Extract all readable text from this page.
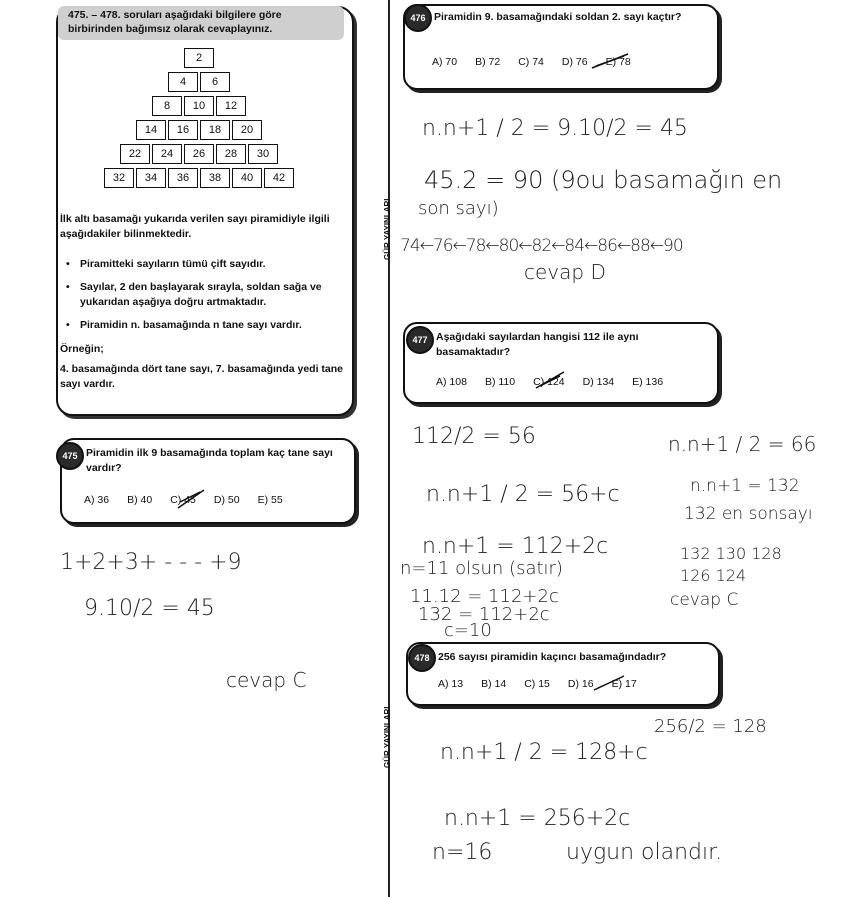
GÜR YAYINLARI
GÜR YAYINLARI
475. – 478. soruları aşağıdaki bilgilere göre birbirinden bağımsız olarak cevaplayınız.
2
4	6
8	10	12
14	16	18	20
22	24	26	28	30
32	34	36	38	40	42
İlk altı basamağı yukarıda verilen sayı piramidiyle ilgili aşağıdakiler bilinmektedir.
• Piramitteki sayıların tümü çift sayıdır.
• Sayılar, 2 den başlayarak sırayla, soldan sağa ve yukarıdan aşağıya doğru artmaktadır.
• Piramidin n. basamağında n tane sayı vardır.
Örneğin;
4. basamağında dört tane sayı, 7. basamağında yedi tane sayı vardır.
475 Piramidin ilk 9 basamağında toplam kaç tane sayı vardır?
A) 36 B) 40 C) 45 D) 50 E) 55
1+2+3+ - - - +9
9.10/2 = 45
cevap C
476 Piramidin 9. basamağındaki soldan 2. sayı kaçtır?
A) 70 B) 72 C) 74 D) 76 E) 78
n.n+1 / 2 = 9.10/2 = 45
45.2 = 90 (9ou basamağın en
son sayı)
74←76←78←80←82←84←86←88←90
cevap D
477 Aşağıdaki sayılardan hangisi 112 ile aynı basamaktadır?
A) 108 B) 110 C) 124 D) 134 E) 136
112/2 = 56
n.n+1 / 2 = 56+c
n.n+1 = 112+2c
n=11 olsun (satır)
11.12 = 112+2c
132 = 112+2c
c=10
n.n+1 / 2 = 66
n.n+1 = 132
132 en sonsayı
132 130 128
126 124
cevap C
478 256 sayısı piramidin kaçıncı basamağındadır?
A) 13 B) 14 C) 15 D) 16 E) 17
256/2 = 128
n.n+1 / 2 = 128+c
n.n+1 = 256+2c
n=16	uygun olandır.
